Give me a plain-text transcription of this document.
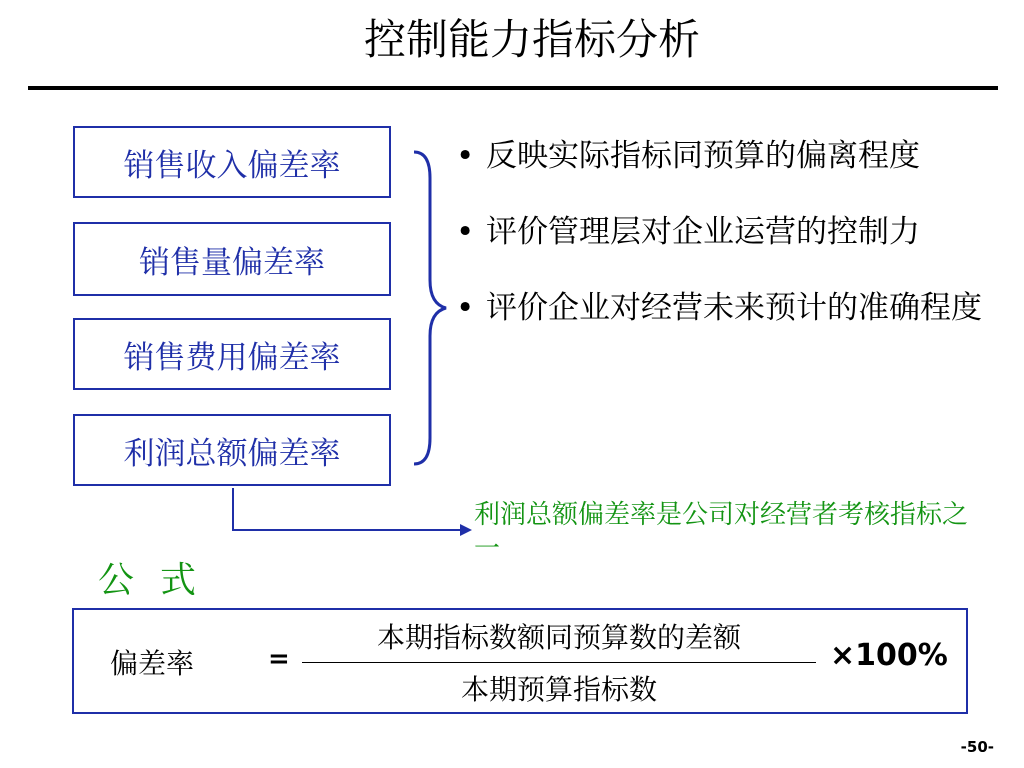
控制能力指标分析
销售收入偏差率
销售量偏差率
销售费用偏差率
利润总额偏差率
• 反映实际指标同预算的偏离程度
• 评价管理层对企业运营的控制力
• 评价企业对经营未来预计的准确程度
利润总额偏差率是公司对经营者考核指标之一
公式
偏差率	=
本期指标数额同预算数的差额
本期预算指标数
×100%
-50-
